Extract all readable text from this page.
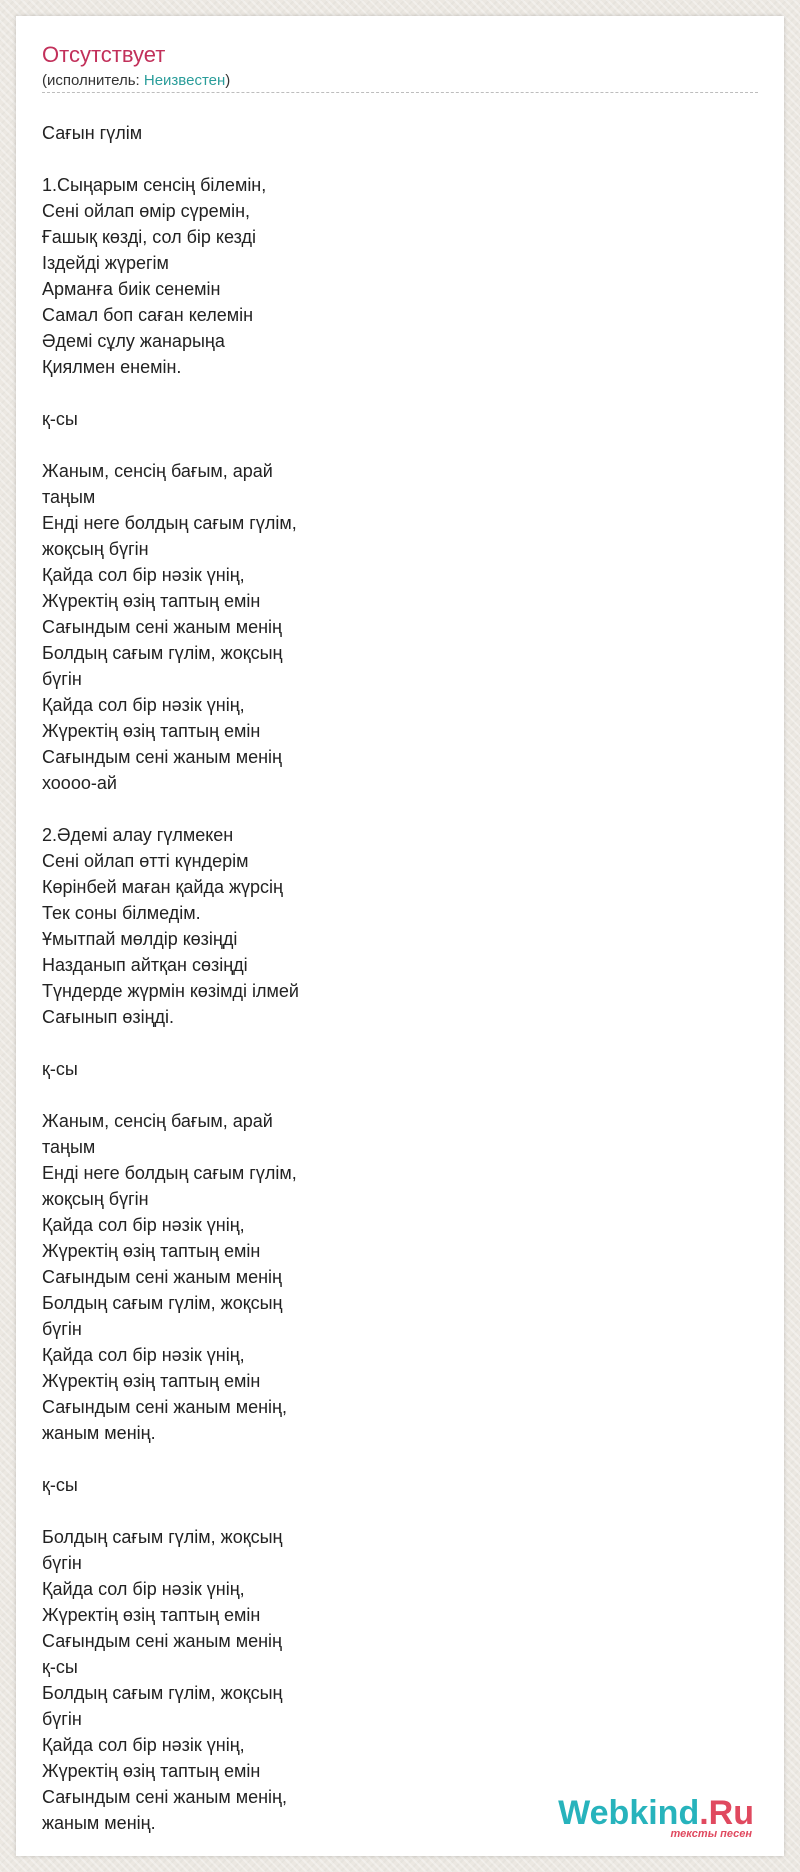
Отсутствует
(исполнитель: Неизвестен)
Сағын гүлім
1.Сыңарым сенсің білемін,
Сені ойлап өмір сүремін,
Ғашық көзді, сол бір кезді
Іздейді жүрегім
Арманға биік сенемін
Самал боп саған келемін
Әдемі сұлу жанарыңа
Қиялмен енемін.
қ-сы
Жаным, сенсің бағым, арай
таңым
Енді неге болдың сағым гүлім,
жоқсың бүгін
Қайда сол бір нәзік үнің,
Жүректің өзің таптың емін
Сағындым сені жаным менің
Болдың сағым гүлім, жоқсың
бүгін
Қайда сол бір нәзік үнің,
Жүректің өзің таптың емін
Сағындым сені жаным менің
хоооо-ай
2.Әдемі алау гүлмекен
Сені ойлап өтті күндерім
Көрінбей маған қайда жүрсің
Тек соны білмедім.
Ұмытпай мөлдір көзіңді
Назданып айтқан сөзіңді
Түндерде жүрмін көзімді ілмей
Сағынып өзіңді.
қ-сы
Жаным, сенсің бағым, арай
таңым
Енді неге болдың сағым гүлім,
жоқсың бүгін
Қайда сол бір нәзік үнің,
Жүректің өзің таптың емін
Сағындым сені жаным менің
Болдың сағым гүлім, жоқсың
бүгін
Қайда сол бір нәзік үнің,
Жүректің өзің таптың емін
Сағындым сені жаным менің,
жаным менің.
қ-сы
Болдың сағым гүлім, жоқсың
бүгін
Қайда сол бір нәзік үнің,
Жүректің өзің таптың емін
Сағындым сені жаным менің
қ-сы
Болдың сағым гүлім, жоқсың
бүгін
Қайда сол бір нәзік үнің,
Жүректің өзің таптың емін
Сағындым сені жаным менің,
жаным менің.	Webkind.Ru
тексты песен
